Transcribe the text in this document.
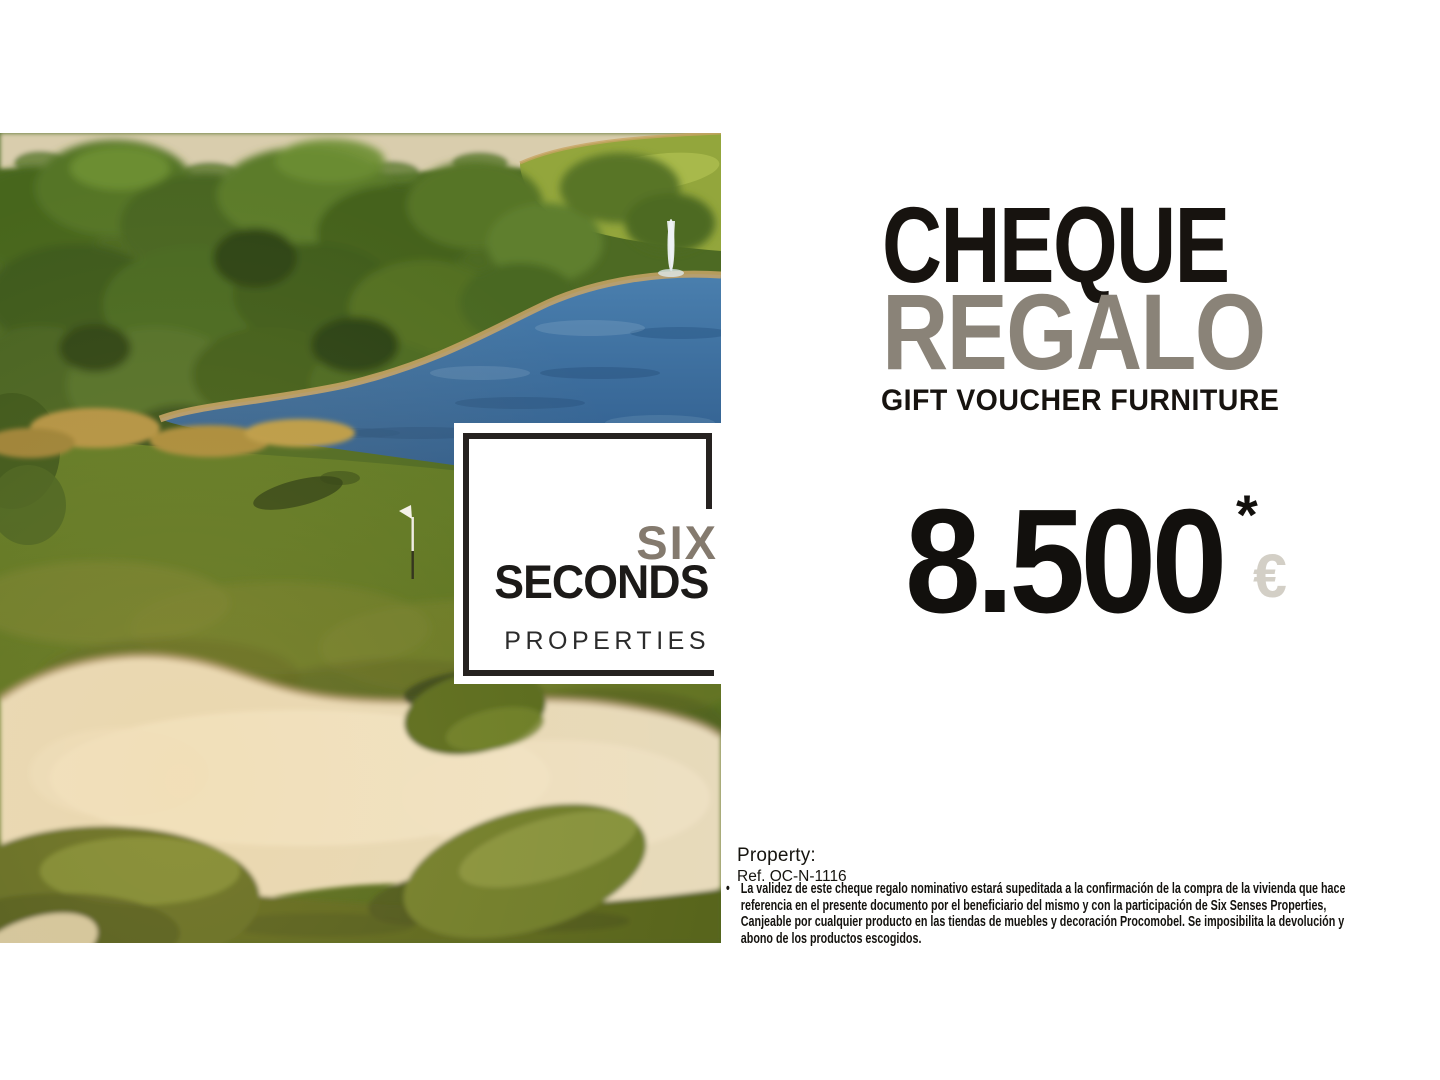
SIX
SECONDS
PROPERTIES
CHEQUE
REGALO
GIFT VOUCHER FURNITURE
8.500 *
€
Property:
Ref. OC-N-1116
• La validez de este cheque regalo nominativo estará supeditada a la confirmación de la compra de la vivienda que hace
referencia en el presente documento por el beneficiario del mismo y con la participación de Six Senses Properties,
Canjeable por cualquier producto en las tiendas de muebles y decoración Procomobel. Se imposibilita la devolución y
abono de los productos escogidos.
